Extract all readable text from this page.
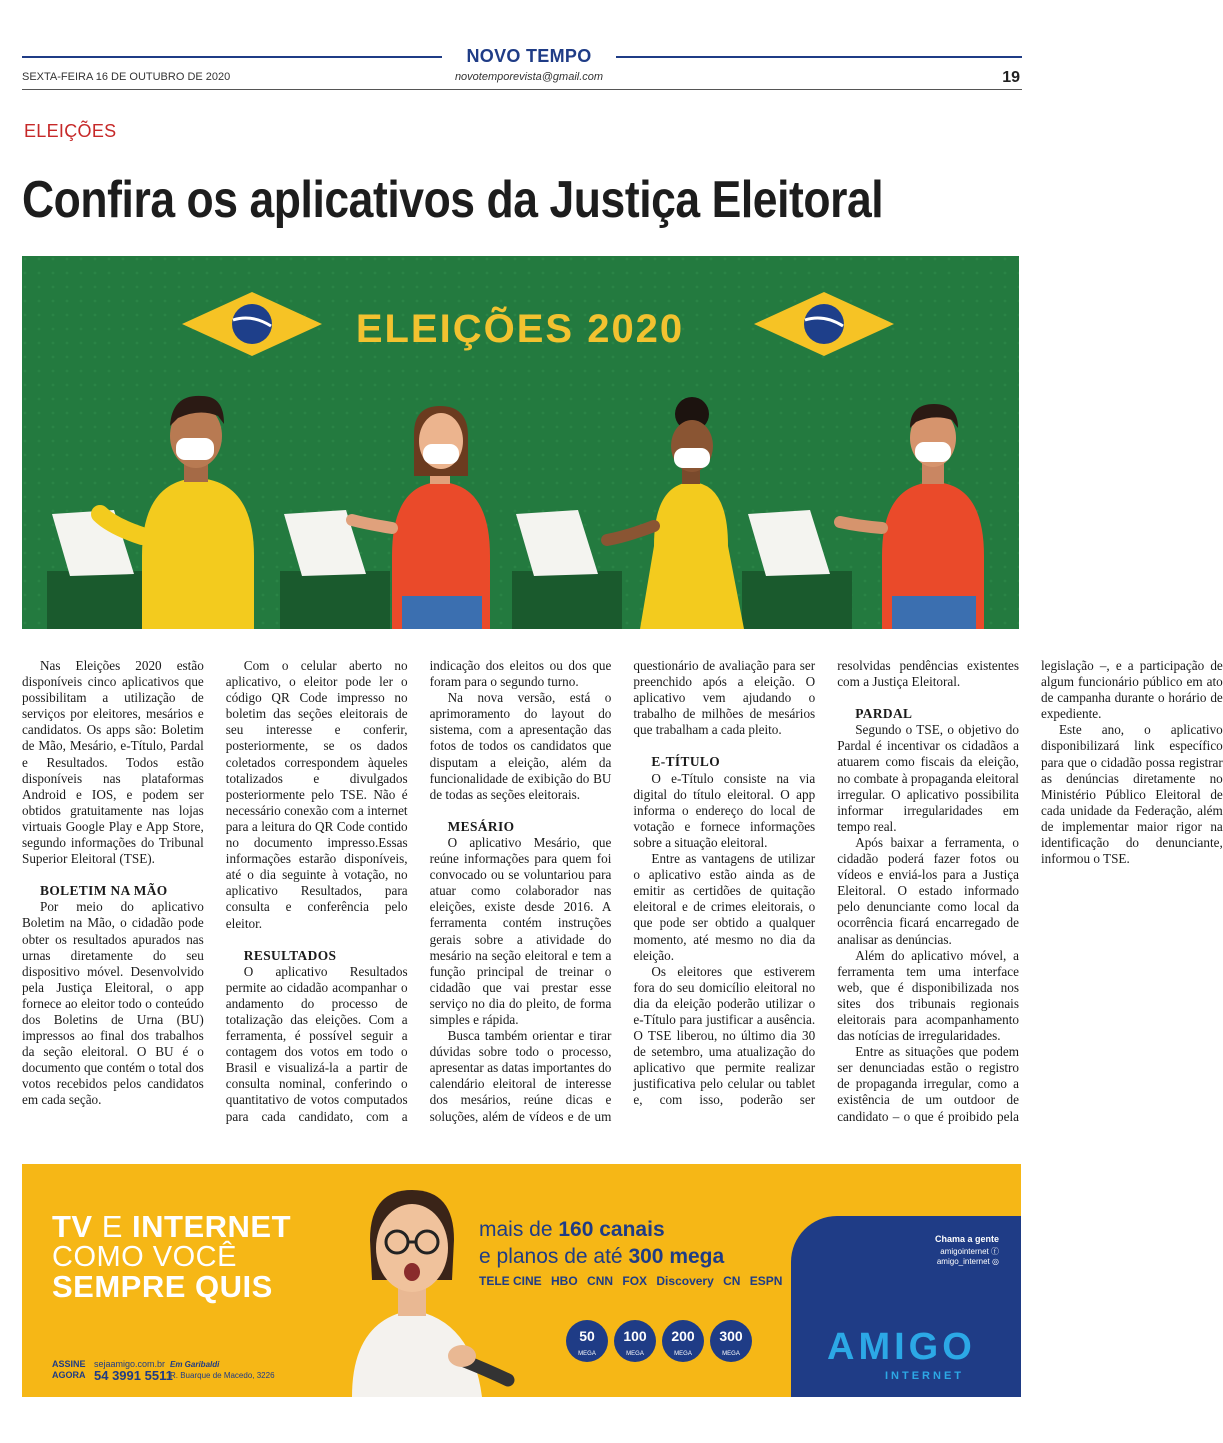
NOVO TEMPO
SEXTA-FEIRA 16 DE OUTUBRO DE 2020	novotemporevista@gmail.com	19
ELEIÇÕES
Confira os aplicativos da Justiça Eleitoral
ELEIÇÕES 2020

Nas Eleições 2020 estão disponíveis cinco aplicativos que possibilitam a utilização de serviços por eleitores, mesários e candidatos. Os apps são: Boletim de Mão, Mesário, e-Título, Pardal e Resultados. Todos estão disponíveis nas plataformas Android e IOS, e podem ser obtidos gratuitamente nas lojas virtuais Google Play e App Store, segundo informações do Tribunal Superior Eleitoral (TSE).

BOLETIM NA MÃO

Por meio do aplicativo Boletim na Mão, o cidadão pode obter os resultados apurados nas urnas diretamente do seu dispositivo móvel. Desenvolvido pela Justiça Eleitoral, o app fornece ao eleitor todo o conteúdo dos Boletins de Urna (BU) impressos ao final dos trabalhos da seção eleitoral. O BU é o documento que contém o total dos votos recebidos pelos candidatos em cada seção.

Com o celular aberto no aplicativo, o eleitor pode ler o código QR Code impresso no boletim das seções eleitorais de seu interesse e conferir, posteriormente, se os dados coletados correspondem àqueles totalizados e divulgados posteriormente pelo TSE. Não é necessário conexão com a internet para a leitura do QR Code contido no documento impresso.Essas informações estarão disponíveis, até o dia seguinte à votação, no aplicativo Resultados, para consulta e conferência pelo eleitor.

RESULTADOS

O aplicativo Resultados permite ao cidadão acompanhar o andamento do processo de totalização das eleições. Com a ferramenta, é possível seguir a contagem dos votos em todo o Brasil e visualizá-la a partir de consulta nominal, conferindo o quantitativo de votos computados para cada candidato, com a indicação dos eleitos ou dos que foram para o segundo turno.

Na nova versão, está o aprimoramento do layout do sistema, com a apresentação das fotos de todos os candidatos que disputam a eleição, além da funcionalidade de exibição do BU de todas as seções eleitorais.

MESÁRIO

O aplicativo Mesário, que reúne informações para quem foi convocado ou se voluntariou para atuar como colaborador nas eleições, existe desde 2016. A ferramenta contém instruções gerais sobre a atividade do mesário na seção eleitoral e tem a função principal de treinar o cidadão que vai prestar esse serviço no dia do pleito, de forma simples e rápida.

Busca também orientar e tirar dúvidas sobre todo o processo, apresentar as datas importantes do calendário eleitoral de interesse dos mesários, reúne dicas e soluções, além de vídeos e de um questionário de avaliação para ser preenchido após a eleição. O aplicativo vem ajudando o trabalho de milhões de mesários que trabalham a cada pleito.

E-TÍTULO

O e-Título consiste na via digital do título eleitoral. O app informa o endereço do local de votação e fornece informações sobre a situação eleitoral.

Entre as vantagens de utilizar o aplicativo estão ainda as de emitir as certidões de quitação eleitoral e de crimes eleitorais, o que pode ser obtido a qualquer momento, até mesmo no dia da eleição.

Os eleitores que estiverem fora do seu domicílio eleitoral no dia da eleição poderão utilizar o e-Título para justificar a ausência. O TSE liberou, no último dia 30 de setembro, uma atualização do aplicativo que permite realizar justificativa pelo celular ou tablet e, com isso, poderão ser resolvidas pendências existentes com a Justiça Eleitoral.

PARDAL

Segundo o TSE, o objetivo do Pardal é incentivar os cidadãos a atuarem como fiscais da eleição, no combate à propaganda eleitoral irregular. O aplicativo possibilita informar irregularidades em tempo real.

Após baixar a ferramenta, o cidadão poderá fazer fotos ou vídeos e enviá-los para a Justiça Eleitoral. O estado informado pelo denunciante como local da ocorrência ficará encarregado de analisar as denúncias.

Além do aplicativo móvel, a ferramenta tem uma interface web, que é disponibilizada nos sites dos tribunais regionais eleitorais para acompanhamento das notícias de irregularidades.

Entre as situações que podem ser denunciadas estão o registro de propaganda irregular, como a existência de um outdoor de candidato – o que é proibido pela legislação –, e a participação de algum funcionário público em ato de campanha durante o horário de expediente.

Este ano, o aplicativo disponibilizará link específico para que o cidadão possa registrar as denúncias diretamente no Ministério Público Eleitoral de cada unidade da Federação, além de implementar maior rigor na identificação do denunciante, informou o TSE.

TV E INTERNET
COMO VOCÊ
SEMPRE QUIS
mais de 160 canais
e planos de até 300 mega
TELE CINE HBO CNN FOX Discovery CN ESPN
50
MEGA
100
MEGA
200
MEGA
300
MEGA
ASSINE
AGORA
sejaamigo.com.br
54 3991 5511
Em Garibaldi
R. Buarque de Macedo, 3226
Chama a gente
amigointernet ⓕ
amigo_internet ◎
AMIGO
INTERNET
